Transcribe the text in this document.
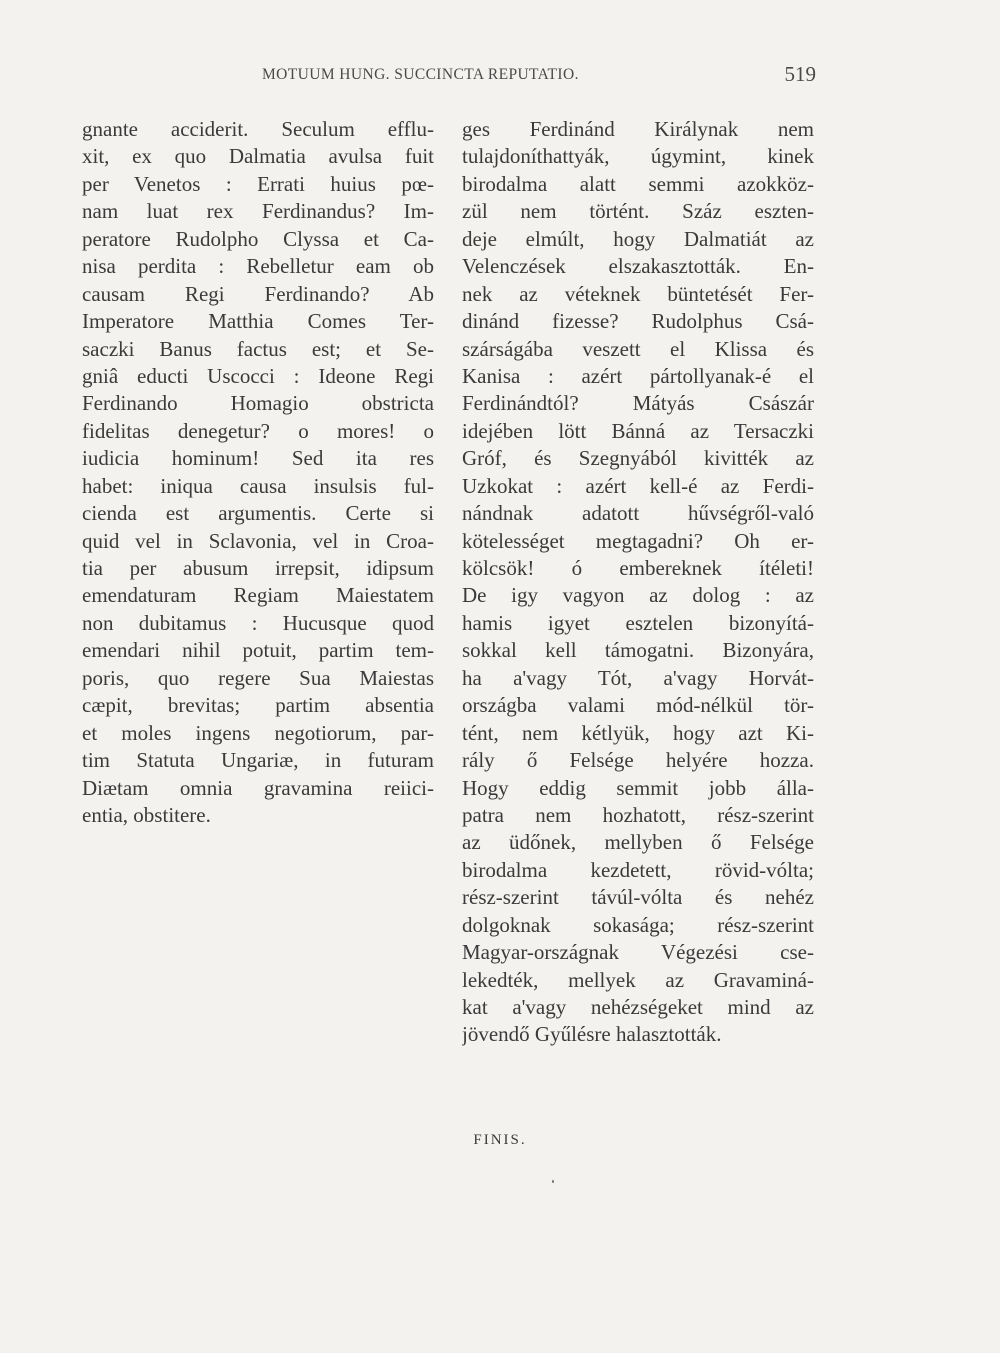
MOTUUM HUNG. SUCCINCTA REPUTATIO.	519
gnante acciderit. Seculum efflu-
xit, ex quo Dalmatia avulsa fuit
per Venetos : Errati huius pœ-
nam luat rex Ferdinandus? Im-
peratore Rudolpho Clyssa et Ca-
nisa perdita : Rebelletur eam ob
causam Regi Ferdinando? Ab
Imperatore Matthia Comes Ter-
saczki Banus factus est; et Se-
gniâ educti Uscocci : Ideone Regi
Ferdinando Homagio obstricta
fidelitas denegetur? o mores! o
iudicia hominum! Sed ita res
habet: iniqua causa insulsis ful-
cienda est argumentis. Certe si
quid vel in Sclavonia, vel in Croa-
tia per abusum irrepsit, idipsum
emendaturam Regiam Maiestatem
non dubitamus : Hucusque quod
emendari nihil potuit, partim tem-
poris, quo regere Sua Maiestas
cæpit, brevitas; partim absentia
et moles ingens negotiorum, par-
tim Statuta Ungariæ, in futuram
Diætam omnia gravamina reiici-
entia, obstitere.
ges Ferdinánd Királynak nem
tulajdoníthattyák, úgymint, kinek
birodalma alatt semmi azokköz-
zül nem történt. Száz eszten-
deje elmúlt, hogy Dalmatiát az
Velenczések elszakasztották. En-
nek az véteknek büntetését Fer-
dinánd fizesse? Rudolphus Csá-
szárságába veszett el Klissa és
Kanisa : azért pártollyanak-é el
Ferdinándtól? Mátyás Császár
idejében lött Bánná az Tersaczki
Gróf, és Szegnyából kivitték az
Uzkokat : azért kell-é az Ferdi-
nándnak adatott hűvségről-való
kötelességet megtagadni? Oh er-
kölcsök! ó embereknek ítéleti!
De igy vagyon az dolog : az
hamis igyet esztelen bizonyítá-
sokkal kell támogatni. Bizonyára,
ha a'vagy Tót, a'vagy Horvát-
országba valami mód-nélkül tör-
tént, nem kétlyük, hogy azt Ki-
rály ő Felsége helyére hozza.
Hogy eddig semmit jobb álla-
patra nem hozhatott, rész-szerint
az üdőnek, mellyben ő Felsége
birodalma kezdetett, rövid-vólta;
rész-szerint távúl-vólta és nehéz
dolgoknak sokasága; rész-szerint
Magyar-országnak Végezési cse-
lekedték, mellyek az Gravaminá-
kat a'vagy nehézségeket mind az
jövendő Gyűlésre halasztották.
FINIS.
